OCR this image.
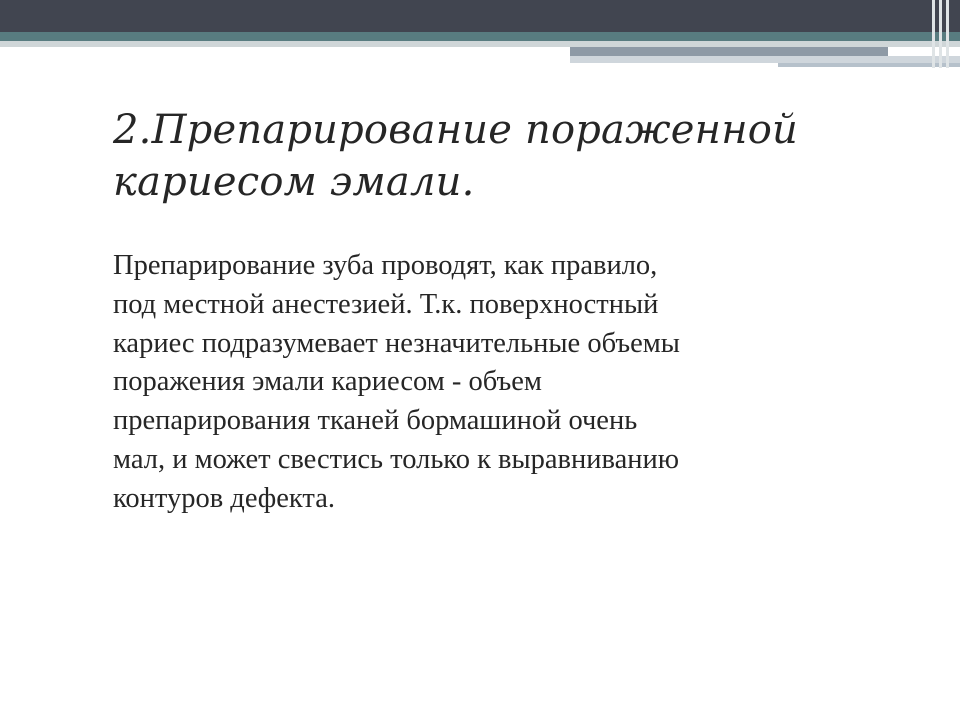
2.Препарирование пораженной
кариесом эмали.

Препарирование зуба проводят, как правило,
под местной анестезией. Т.к. поверхностный
кариес подразумевает незначительные объемы
поражения эмали кариесом - объем
препарирования тканей бормашиной очень
мал, и может свестись только к выравниванию
контуров дефекта.
